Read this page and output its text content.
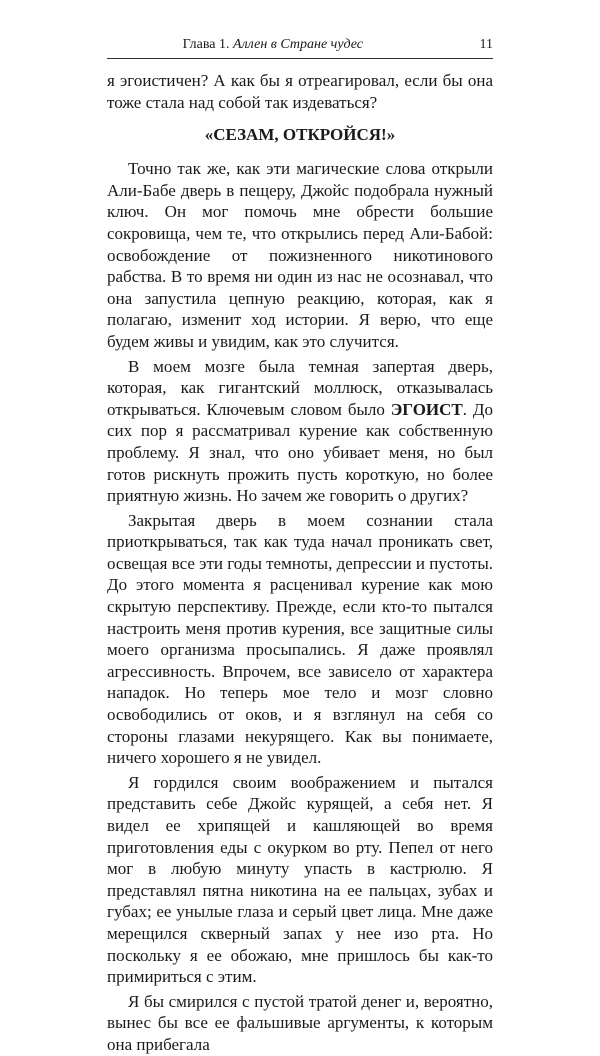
Глава 1. Аллен в Стране чудес	11

я эгоистичен? А как бы я отреагировал, если бы она тоже стала над собой так издеваться?

«СЕЗАМ, ОТКРОЙСЯ!»

Точно так же, как эти магические слова открыли Али-Бабе дверь в пещеру, Джойс подобрала нужный ключ. Он мог помочь мне обрести большие сокровища, чем те, что открылись перед Али-Бабой: освобождение от пожизненного никотинового рабства. В то время ни один из нас не осознавал, что она запустила цепную реакцию, которая, как я полагаю, изменит ход истории. Я верю, что еще будем живы и увидим, как это случится.

В моем мозге была темная запертая дверь, которая, как гигантский моллюск, отказывалась открываться. Ключевым словом было ЭГОИСТ. До сих пор я рассматривал курение как собственную проблему. Я знал, что оно убивает меня, но был готов рискнуть прожить пусть короткую, но более приятную жизнь. Но зачем же говорить о других?

Закрытая дверь в моем сознании стала приоткрываться, так как туда начал проникать свет, освещая все эти годы темноты, депрессии и пустоты. До этого момента я расценивал курение как мою скрытую перспективу. Прежде, если кто-то пытался настроить меня против курения, все защитные силы моего организма просыпались. Я даже проявлял агрессивность. Впрочем, все зависело от характера нападок. Но теперь мое тело и мозг словно освободились от оков, и я взглянул на себя со стороны глазами некурящего. Как вы понимаете, ничего хорошего я не увидел.

Я гордился своим воображением и пытался представить себе Джойс курящей, а себя нет. Я видел ее хрипящей и кашляющей во время приготовления еды с окурком во рту. Пепел от него мог в любую минуту упасть в кастрюлю. Я представлял пятна никотина на ее пальцах, зубах и губах; ее унылые глаза и серый цвет лица. Мне даже мерещился скверный запах у нее изо рта. Но поскольку я ее обожаю, мне пришлось бы как-то примириться с этим.

Я бы смирился с пустой тратой денег и, вероятно, вынес бы все ее фальшивые аргументы, к которым она прибегала
